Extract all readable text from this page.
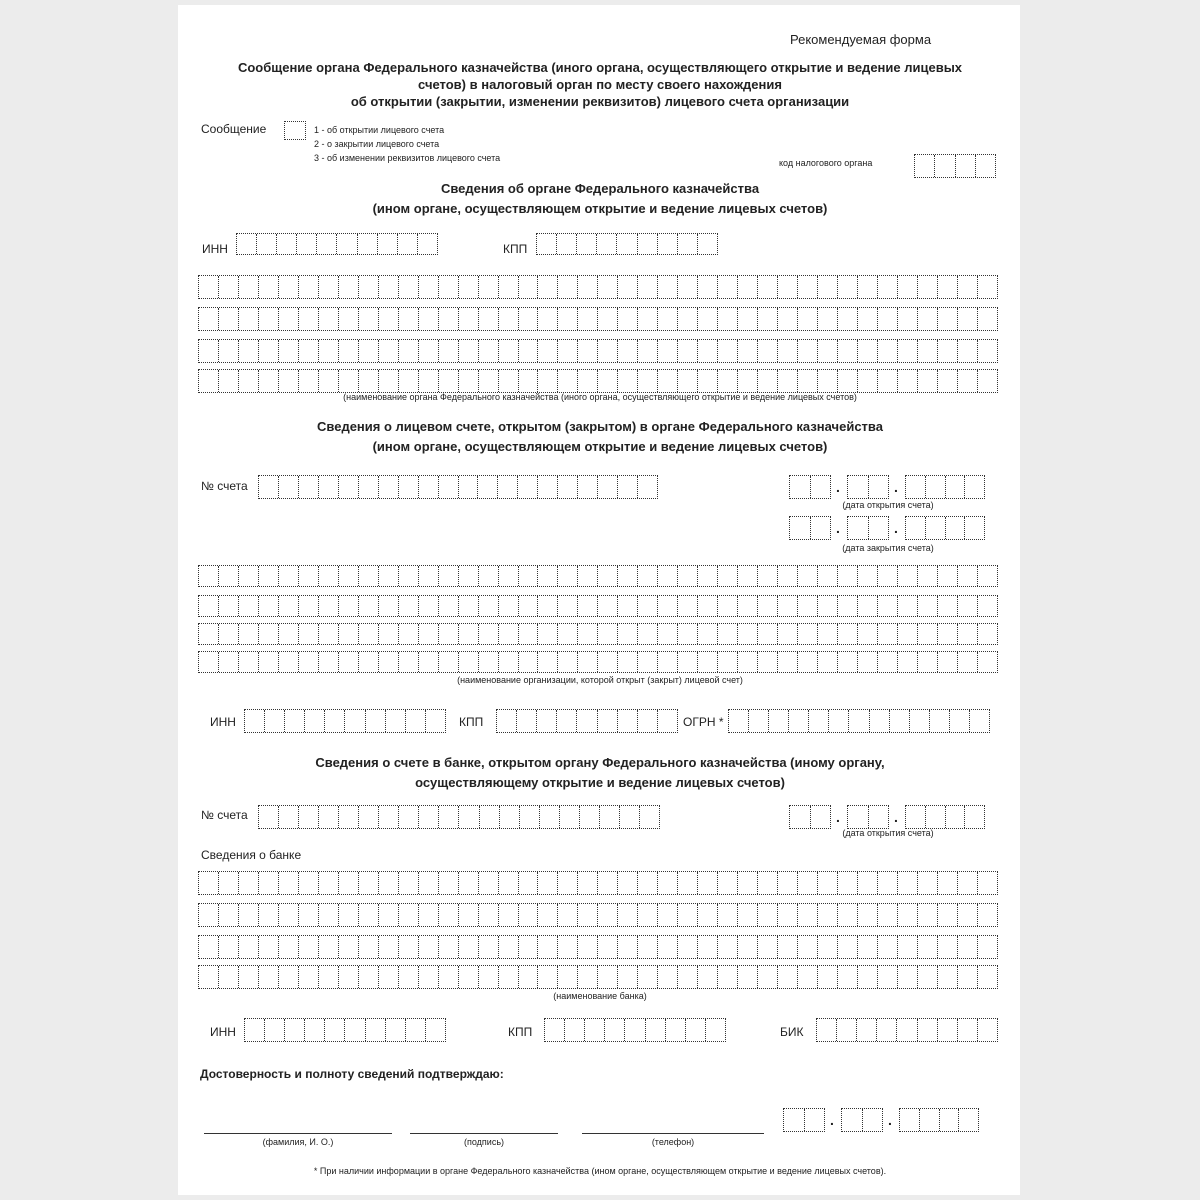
.	.
.	.
.	.
.	.
Рекомендуемая форма
Сообщение органа Федерального казначейства (иного органа, осуществляющего открытие и ведение лицевых
счетов) в налоговый орган по месту своего нахождения
об открытии (закрытии, изменении реквизитов) лицевого счета организации
Сообщение	1 - об открытии лицевого счета
2 - о закрытии лицевого счета
3 - об изменении реквизитов лицевого счета	код налогового органа
Сведения об органе Федерального казначейства
(ином органе, осуществляющем открытие и ведение лицевых счетов)
ИНН	КПП
(наименование органа Федерального казначейства (иного органа, осуществляющего открытие и ведение лицевых счетов)
Сведения о лицевом счете, открытом (закрытом) в органе Федерального казначейства
(ином органе, осуществляющем открытие и ведение лицевых счетов)
№ счета
(дата открытия счета)
(дата закрытия счета)
(наименование организации, которой открыт (закрыт) лицевой счет)
ИНН	КПП	ОГРН *
Сведения о счете в банке, открытом органу Федерального казначейства (иному органу,
осуществляющему открытие и ведение лицевых счетов)
№ счета
(дата открытия счета)
Сведения о банке
(наименование банка)
ИНН	КПП	БИК
Достоверность и полноту сведений подтверждаю:
(фамилия, И. О.)	(подпись)	(телефон)
* При наличии информации в органе Федерального казначейства (ином органе, осуществляющем открытие и ведение лицевых счетов).
